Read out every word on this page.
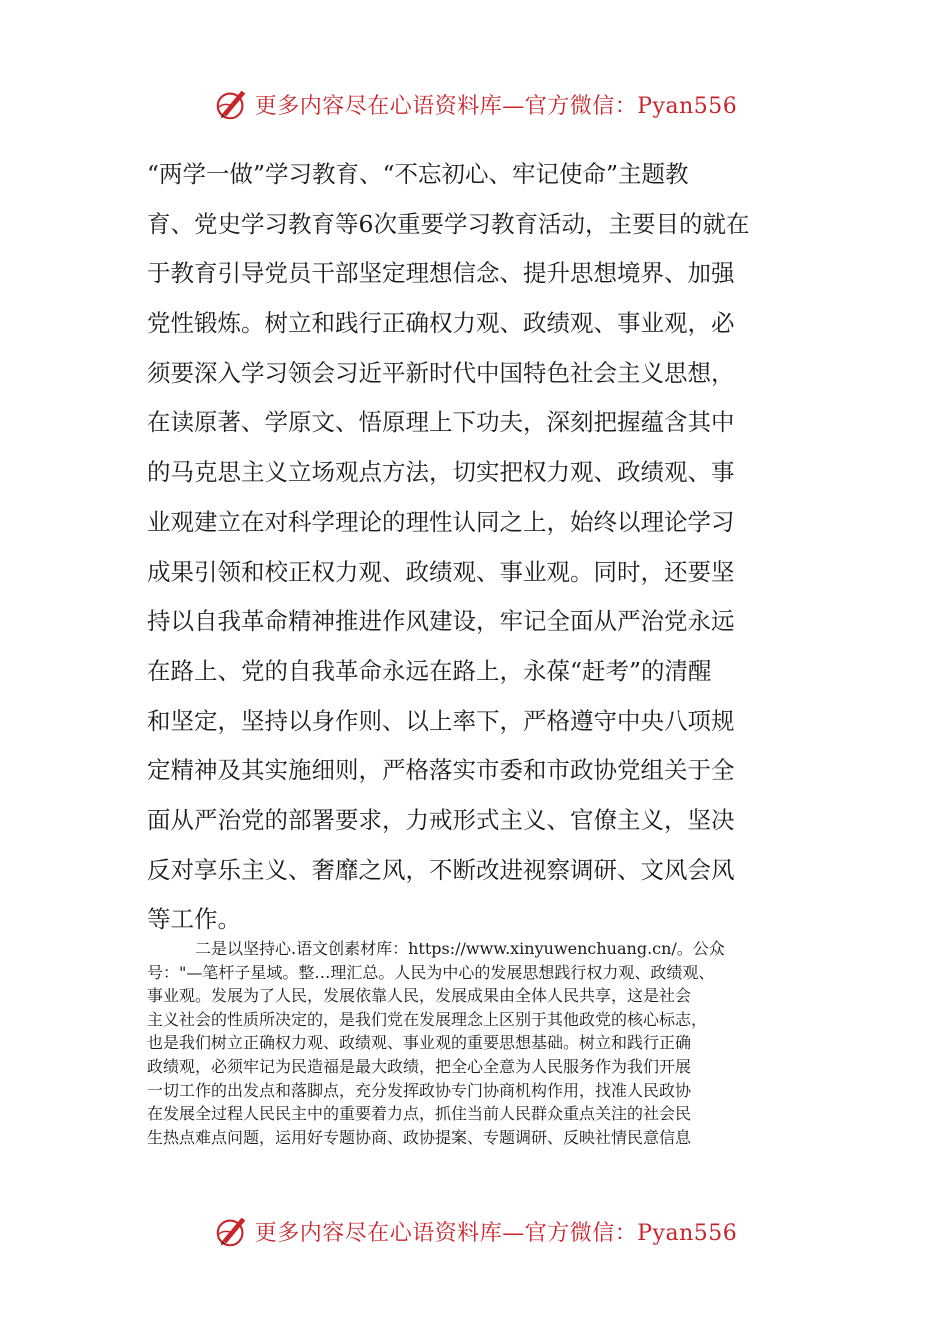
更多内容尽在心语资料库—官方微信：Pyan556
“两学一做”学习教育、“不忘初心、牢记使命”主题教
育、党史学习教育等6次重要学习教育活动，主要目的就在
于教育引导党员干部坚定理想信念、提升思想境界、加强
党性锻炼。树立和践行正确权力观、政绩观、事业观，必
须要深入学习领会习近平新时代中国特色社会主义思想，
在读原著、学原文、悟原理上下功夫，深刻把握蕴含其中
的马克思主义立场观点方法，切实把权力观、政绩观、事
业观建立在对科学理论的理性认同之上，始终以理论学习
成果引领和校正权力观、政绩观、事业观。同时，还要坚
持以自我革命精神推进作风建设，牢记全面从严治党永远
在路上、党的自我革命永远在路上，永葆“赶考”的清醒
和坚定，坚持以身作则、以上率下，严格遵守中央八项规
定精神及其实施细则，严格落实市委和市政协党组关于全
面从严治党的部署要求，力戒形式主义、官僚主义，坚决
反对享乐主义、奢靡之风，不断改进视察调研、文风会风
等工作。
二是以坚持心.语文创素材库：https://www.xinyuwenchuang.cn/。公众
号："—笔杆子星域。整…理汇总。人民为中心的发展思想践行权力观、政绩观、
事业观。发展为了人民，发展依靠人民，发展成果由全体人民共享，这是社会
主义社会的性质所决定的，是我们党在发展理念上区别于其他政党的核心标志，
也是我们树立正确权力观、政绩观、事业观的重要思想基础。树立和践行正确
政绩观，必须牢记为民造福是最大政绩，把全心全意为人民服务作为我们开展
一切工作的出发点和落脚点，充分发挥政协专门协商机构作用，找准人民政协
在发展全过程人民民主中的重要着力点，抓住当前人民群众重点关注的社会民
生热点难点问题，运用好专题协商、政协提案、专题调研、反映社情民意信息
更多内容尽在心语资料库—官方微信：Pyan556
